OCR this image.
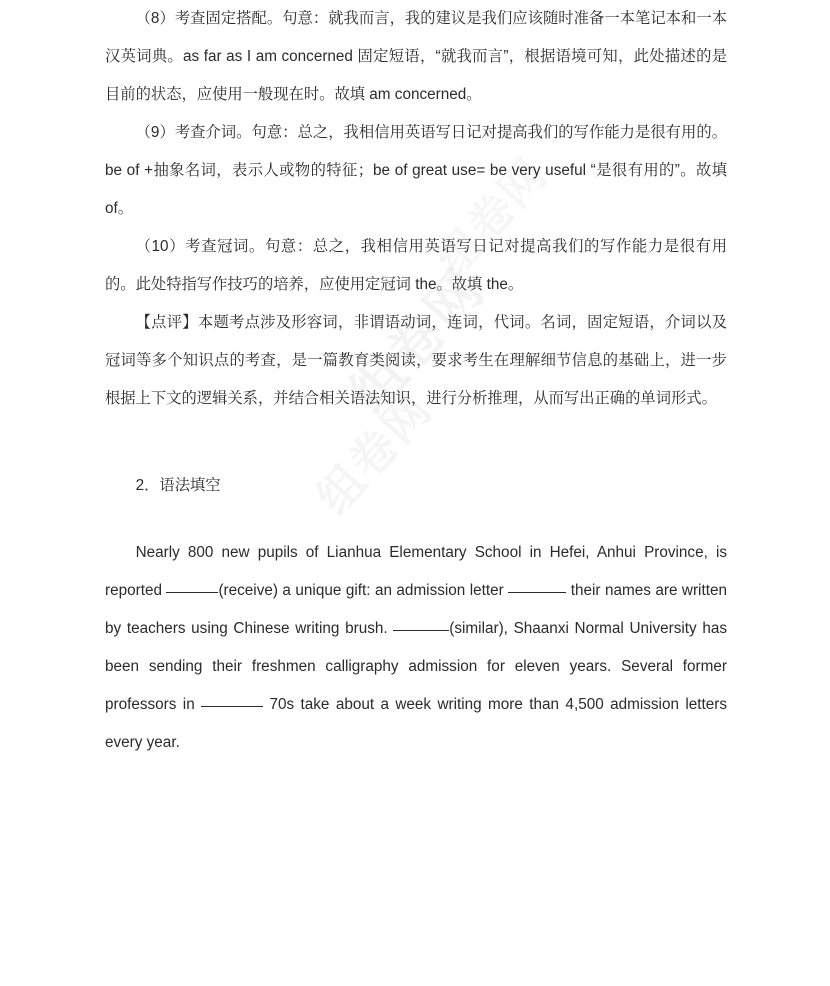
（8）考查固定搭配。句意：就我而言，我的建议是我们应该随时准备一本笔记本和一本汉英词典。as far as I am concerned 固定短语，“就我而言”，根据语境可知，此处描述的是目前的状态，应使用一般现在时。故填 am concerned。

（9）考查介词。句意：总之，我相信用英语写日记对提高我们的写作能力是很有用的。be of +抽象名词，表示人或物的特征；be of great use= be very useful “是很有用的”。故填 of。

（10）考查冠词。句意：总之，我相信用英语写日记对提高我们的写作能力是很有用的。此处特指写作技巧的培养，应使用定冠词 the。故填 the。

【点评】本题考点涉及形容词，非谓语动词，连词，代词。名词，固定短语，介词以及冠词等多个知识点的考查，是一篇教育类阅读，要求考生在理解细节信息的基础上，进一步根据上下文的逻辑关系，并结合相关语法知识，进行分析推理，从而写出正确的单词形式。

2．语法填空

Nearly 800 new pupils of Lianhua Elementary School in Hefei, Anhui Province, is reported	(receive) a unique gift: an admission letter	their names are written by teachers using Chinese writing brush.	(similar), Shaanxi Normal University has been sending their freshmen calligraphy admission for eleven years. Several former professors in	70s take about a week writing more than 4,500 admission letters every year.
